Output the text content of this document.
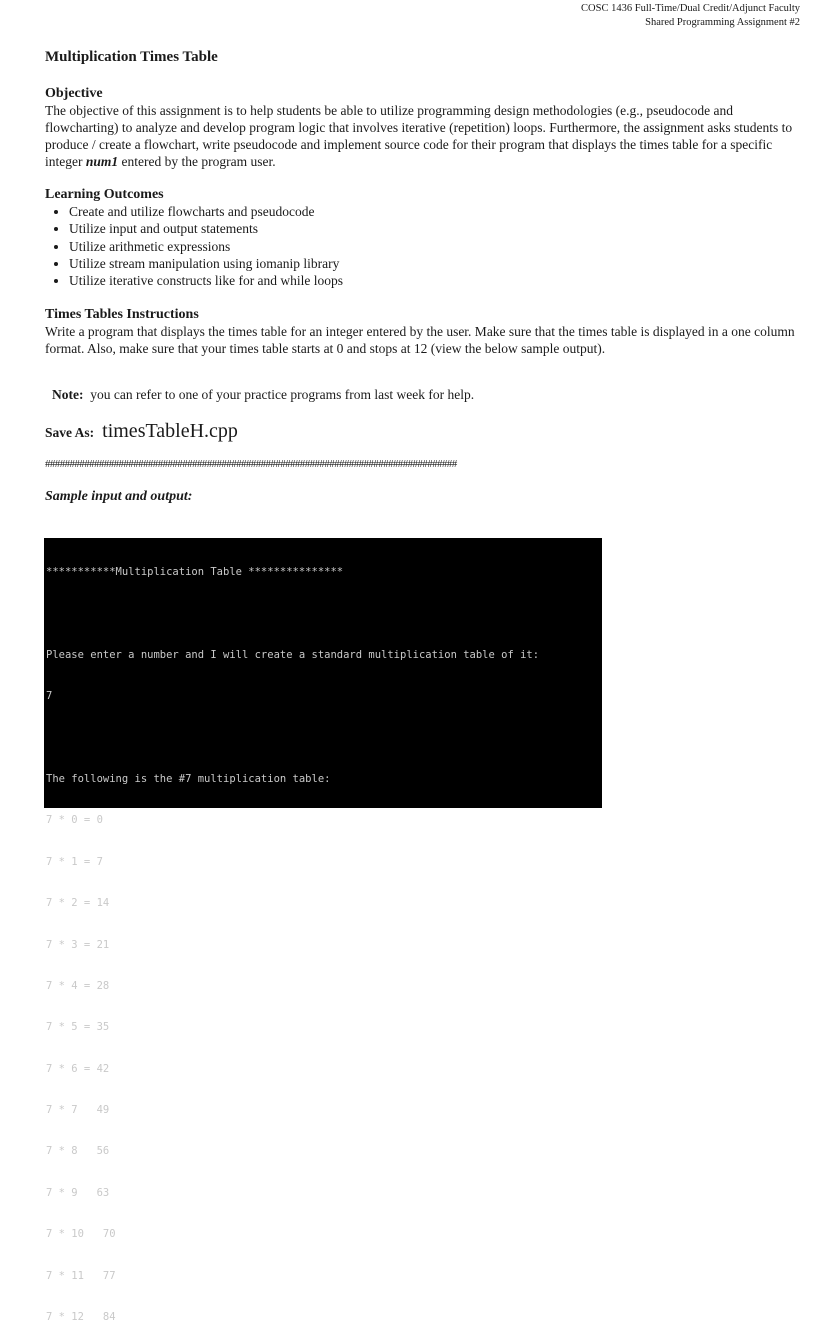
COSC 1436 Full-Time/Dual Credit/Adjunct Faculty
Shared Programming Assignment #2
Multiplication Times Table
Objective

The objective of this assignment is to help students be able to utilize programming design methodologies (e.g., pseudocode and flowcharting) to analyze and develop program logic that involves iterative (repetition) loops. Furthermore, the assignment asks students to produce / create a flowchart, write pseudocode and implement source code for their program that displays the times table for a specific integer num1 entered by the program user.

Learning Outcomes
• Create and utilize flowcharts and pseudocode
• Utilize input and output statements
• Utilize arithmetic expressions
• Utilize stream manipulation using iomanip library
• Utilize iterative constructs like for and while loops
Times Tables Instructions

Write a program that displays the times table for an integer entered by the user. Make sure that the times table is displayed in a one column format. Also, make sure that your times table starts at 0 and stops at 12 (view the below sample output).

Note: you can refer to one of your practice programs from last week for help.
Save As: timesTableH.cpp
####################################################################################
Sample input and output:

***********Multiplication Table ***************

Please enter a number and I will create a standard multiplication table of it:

7

The following is the #7 multiplication table:

7 * 0 = 0

7 * 1 = 7

7 * 2 = 14

7 * 3 = 21

7 * 4 = 28

7 * 5 = 35

7 * 6 = 42

7 * 7   49

7 * 8   56

7 * 9   63

7 * 10   70

7 * 11   77

7 * 12   84
